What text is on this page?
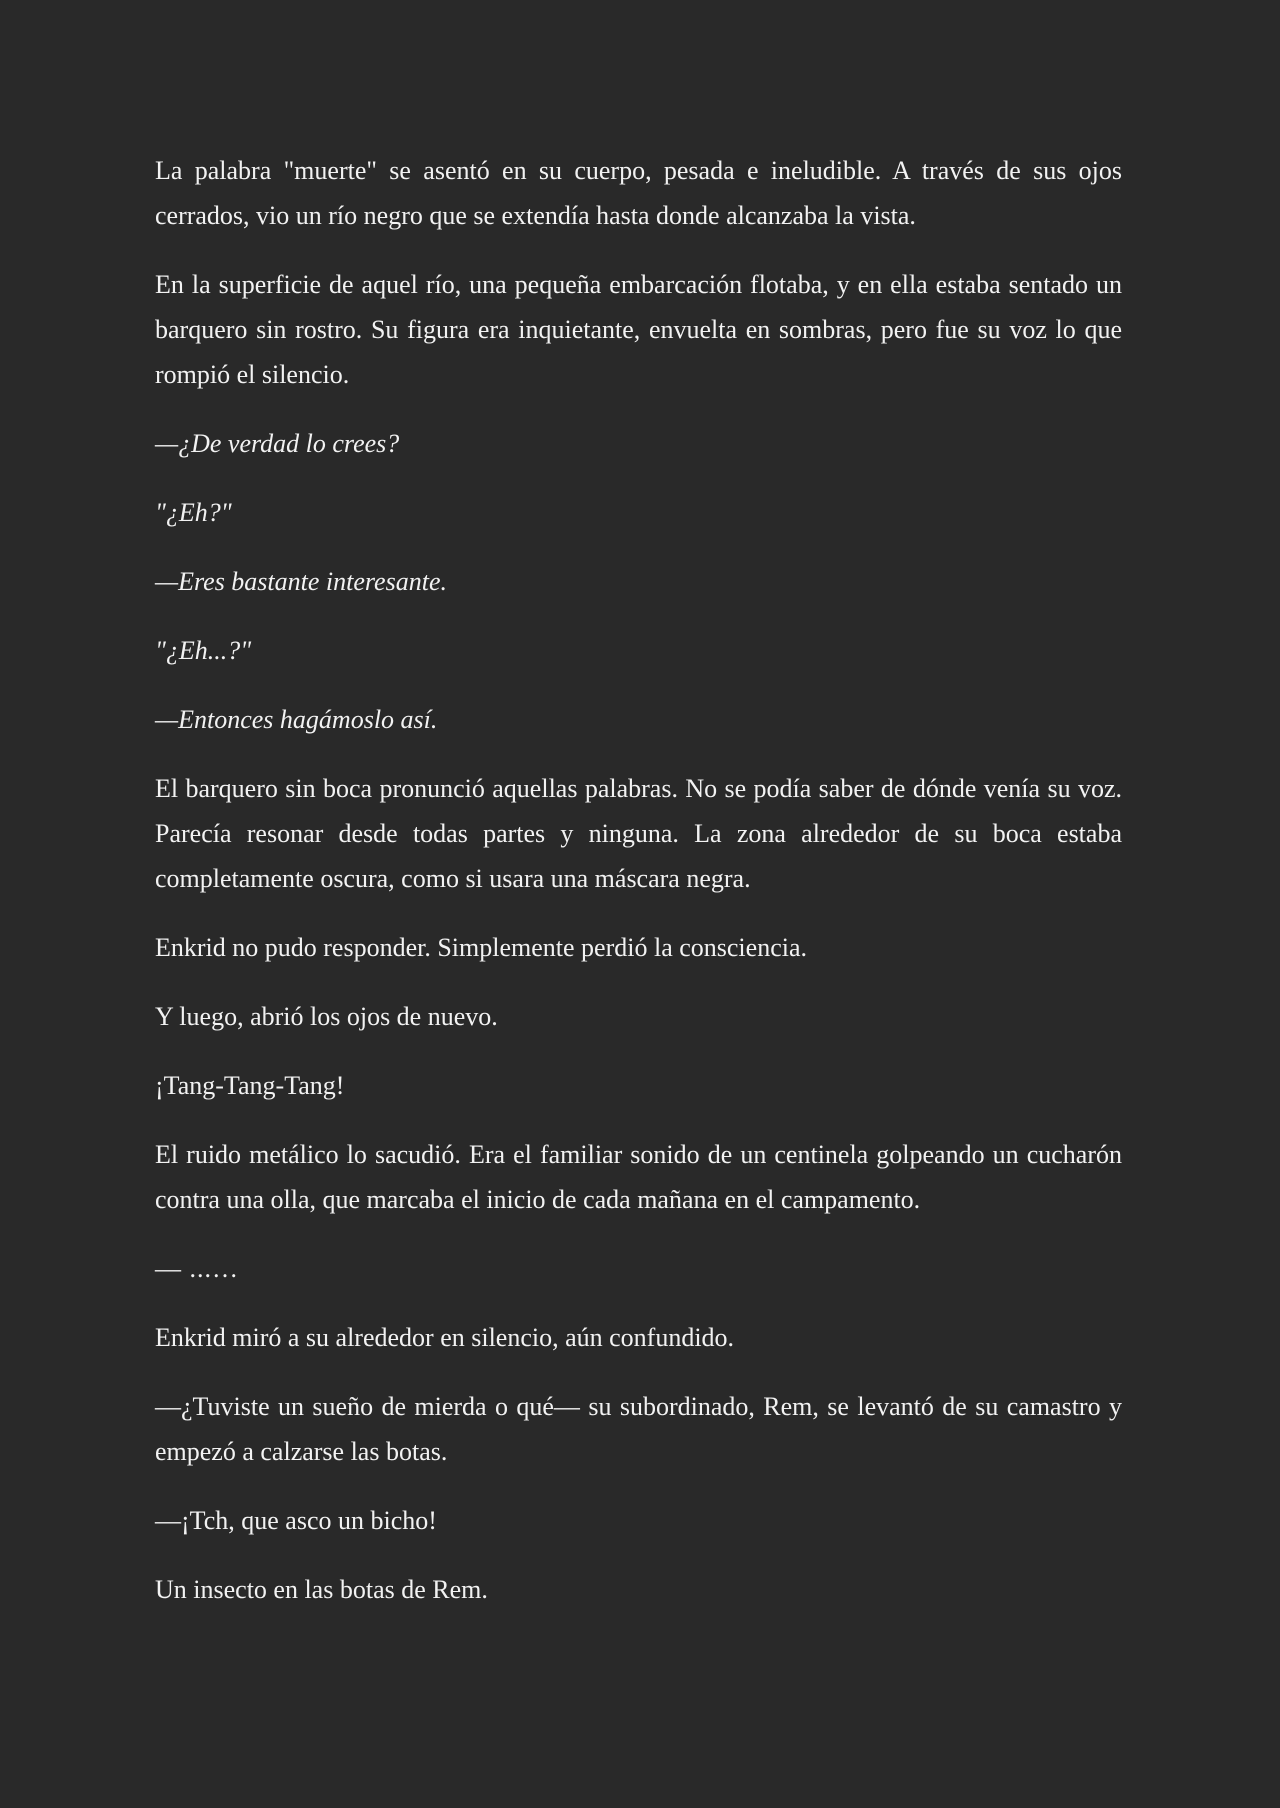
La palabra "muerte" se asentó en su cuerpo, pesada e ineludible. A través de sus ojos cerrados, vio un río negro que se extendía hasta donde alcanzaba la vista.

En la superficie de aquel río, una pequeña embarcación flotaba, y en ella estaba sentado un barquero sin rostro. Su figura era inquietante, envuelta en sombras, pero fue su voz lo que rompió el silencio.

—¿De verdad lo crees?

"¿Eh?"

—Eres bastante interesante.

"¿Eh...?"

—Entonces hagámoslo así.

El barquero sin boca pronunció aquellas palabras. No se podía saber de dónde venía su voz. Parecía resonar desde todas partes y ninguna. La zona alrededor de su boca estaba completamente oscura, como si usara una máscara negra.

Enkrid no pudo responder. Simplemente perdió la consciencia.

Y luego, abrió los ojos de nuevo.

¡Tang-Tang-Tang!

El ruido metálico lo sacudió. Era el familiar sonido de un centinela golpeando un cucharón contra una olla, que marcaba el inicio de cada mañana en el campamento.

— ...…

Enkrid miró a su alrededor en silencio, aún confundido.

—¿Tuviste un sueño de mierda o qué— su subordinado, Rem, se levantó de su camastro y empezó a calzarse las botas.

—¡Tch, que asco un bicho!

Un insecto en las botas de Rem.
